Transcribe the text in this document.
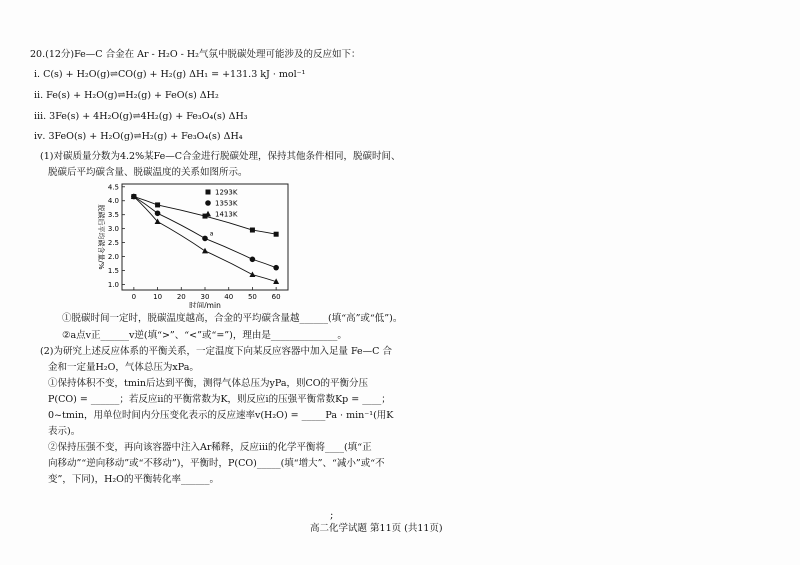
20.(12分)Fe—C 合金在 Ar - H₂O - H₂气氛中脱碳处理可能涉及的反应如下：
ⅰ. C(s) + H₂O(g)⇌CO(g) + H₂(g) ΔH₁ = +131.3 kJ · mol⁻¹
ⅱ. Fe(s) + H₂O(g)⇌H₂(g) + FeO(s) ΔH₂
ⅲ. 3Fe(s) + 4H₂O(g)⇌4H₂(g) + Fe₃O₄(s) ΔH₃
ⅳ. 3FeO(s) + H₂O(g)⇌H₂(g) + Fe₃O₄(s) ΔH₄
(1)对碳质量分数为4.2%某Fe—C合金进行脱碳处理，保持其他条件相同，脱碳时间、
脱碳后平均碳含量、脱碳温度的关系如图所示。
1.0
1.5
2.0
2.5
3.0
3.5
4.0
4.5
0 10 20 30 40 50 60
时间/min
脱碳后平均碳含量/%	a
1293K
1353K
1413K
①脱碳时间一定时，脱碳温度越高，合金的平均碳含量越______(填“高”或“低”)。
②a点v正______v逆(填“>”、“<”或“=”)，理由是______________。
(2)为研究上述反应体系的平衡关系，一定温度下向某反应容器中加入足量 Fe—C 合
金和一定量H₂O，气体总压为xPa。
①保持体积不变，tmin后达到平衡，测得气体总压为yPa，则CO的平衡分压
P(CO) = ______；若反应ⅱ的平衡常数为K，则反应ⅰ的压强平衡常数Kp = ____；
0~tmin，用单位时间内分压变化表示的反应速率v(H₂O) = _____Pa · min⁻¹(用K
表示)。
②保持压强不变，再向该容器中注入Ar稀释，反应ⅲ的化学平衡将____(填“正
向移动”“逆向移动”或“不移动”)，平衡时，P(CO)_____(填“增大”、“减小”或“不
变”，下同)，H₂O的平衡转化率______。
;
高二化学试题 第11页 (共11页)
